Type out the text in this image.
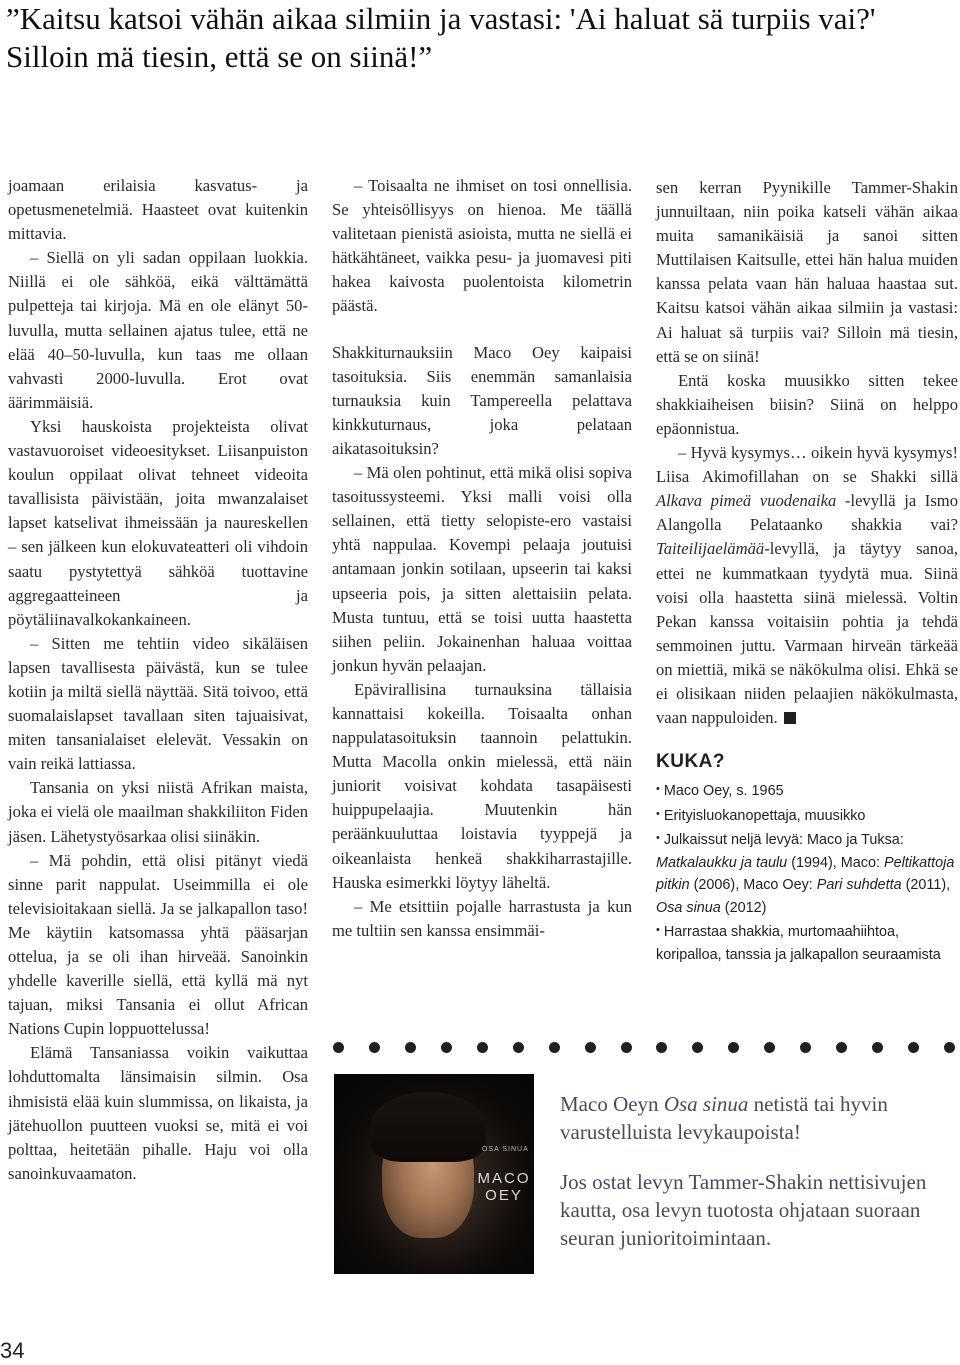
”Kaitsu katsoi vähän aikaa silmiin ja vastasi: 'Ai haluat sä turpiis vai?' Silloin mä tiesin, että se on siinä!”

joamaan erilaisia kasvatus- ja opetusmenetelmiä. Haasteet ovat kuitenkin mittavia.

– Siellä on yli sadan oppilaan luokkia. Niillä ei ole sähköä, eikä välttämättä pulpetteja tai kirjoja. Mä en ole elänyt 50-luvulla, mutta sellainen ajatus tulee, että ne elää 40–50-luvulla, kun taas me ollaan vahvasti 2000-luvulla. Erot ovat äärimmäisiä.

Yksi hauskoista projekteista olivat vastavuoroiset videoesitykset. Liisanpuiston koulun oppilaat olivat tehneet videoita tavallisista päivistään, joita mwanzalaiset lapset katselivat ihmeissään ja naureskellen – sen jälkeen kun elokuvateatteri oli vihdoin saatu pystytettyä sähköä tuottavine aggregaatteineen ja pöytäliinavalkokankaineen.

– Sitten me tehtiin video sikäläisen lapsen tavallisesta päivästä, kun se tulee kotiin ja miltä siellä näyttää. Sitä toivoo, että suomalaislapset tavallaan siten tajuaisivat, miten tansanialaiset elelevät. Vessakin on vain reikä lattiassa.

Tansania on yksi niistä Afrikan maista, joka ei vielä ole maailman shakkiliiton Fiden jäsen. Lähetystyösarkaa olisi siinäkin.

– Mä pohdin, että olisi pitänyt viedä sinne parit nappulat. Useimmilla ei ole televisioitakaan siellä. Ja se jalkapallon taso! Me käytiin katsomassa yhtä pääsarjan ottelua, ja se oli ihan hirveää. Sanoinkin yhdelle kaverille siellä, että kyllä mä nyt tajuan, miksi Tansania ei ollut African Nations Cupin loppuottelussa!

Elämä Tansaniassa voikin vaikuttaa lohduttomalta länsimaisin silmin. Osa ihmisistä elää kuin slummissa, on likaista, ja jätehuollon puutteen vuoksi se, mitä ei voi polttaa, heitetään pihalle. Haju voi olla sanoinkuvaamaton.

– Toisaalta ne ihmiset on tosi onnellisia. Se yhteisöllisyys on hienoa. Me täällä valitetaan pienistä asioista, mutta ne siellä ei hätkähtäneet, vaikka pesu- ja juomavesi piti hakea kaivosta puolentoista kilometrin päästä.

Shakkiturnauksiin Maco Oey kaipaisi tasoituksia. Siis enemmän samanlaisia turnauksia kuin Tampereella pelattava kinkkuturnaus, joka pelataan aikatasoituksin?

– Mä olen pohtinut, että mikä olisi sopiva tasoitussysteemi. Yksi malli voisi olla sellainen, että tietty selopiste-ero vastaisi yhtä nappulaa. Kovempi pelaaja joutuisi antamaan jonkin sotilaan, upseerin tai kaksi upseeria pois, ja sitten alettaisiin pelata. Musta tuntuu, että se toisi uutta haastetta siihen peliin. Jokainenhan haluaa voittaa jonkun hyvän pelaajan.

Epävirallisina turnauksina tällaisia kannattaisi kokeilla. Toisaalta onhan nappulatasoituksin taannoin pelattukin. Mutta Macolla onkin mielessä, että näin juniorit voisivat kohdata tasapäisesti huippupelaajia. Muutenkin hän peräänkuuluttaa loistavia tyyppejä ja oikeanlaista henkeä shakkiharrastajille. Hauska esimerkki löytyy läheltä.

– Me etsittiin pojalle harrastusta ja kun me tultiin sen kanssa ensimmäi-

sen kerran Pyynikille Tammer-Shakin junnuiltaan, niin poika katseli vähän aikaa muita samanikäisiä ja sanoi sitten Muttilaisen Kaitsulle, ettei hän halua muiden kanssa pelata vaan hän haluaa haastaa sut. Kaitsu katsoi vähän aikaa silmiin ja vastasi: Ai haluat sä turpiis vai? Silloin mä tiesin, että se on siinä!

Entä koska muusikko sitten tekee shakkiaiheisen biisin? Siinä on helppo epäonnistua.

– Hyvä kysymys… oikein hyvä kysymys! Liisa Akimofillahan on se Shakki sillä Alkava pimeä vuodenaika -levyllä ja Ismo Alangolla Pelataanko shakkia vai? Taiteilijaelämää-levyllä, ja täytyy sanoa, ettei ne kummatkaan tyydytä mua. Siinä voisi olla haastetta siinä mielessä. Voltin Pekan kanssa voitaisiin pohtia ja tehdä semmoinen juttu. Varmaan hirveän tärkeää on miettiä, mikä se näkökulma olisi. Ehkä se ei olisikaan niiden pelaajien näkökulmasta, vaan nappuloiden.

KUKA?

• Maco Oey, s. 1965

• Erityisluokanopettaja, muusikko

• Julkaissut neljä levyä: Maco ja Tuksa: Matkalaukku ja taulu (1994), Maco: Peltikattoja pitkin (2006), Maco Oey: Pari suhdetta (2011), Osa sinua (2012)

• Harrastaa shakkia, murtomaahiihtoa, koripalloa, tanssia ja jalkapallon seuraamista

OSA SINUA
MACO OEY

Maco Oeyn Osa sinua netistä tai hyvin varustelluista levykaupoista!

Jos ostat levyn Tammer-Shakin nettisivujen kautta, osa levyn tuotosta ohjataan suoraan seuran junioritoimintaan.

34
